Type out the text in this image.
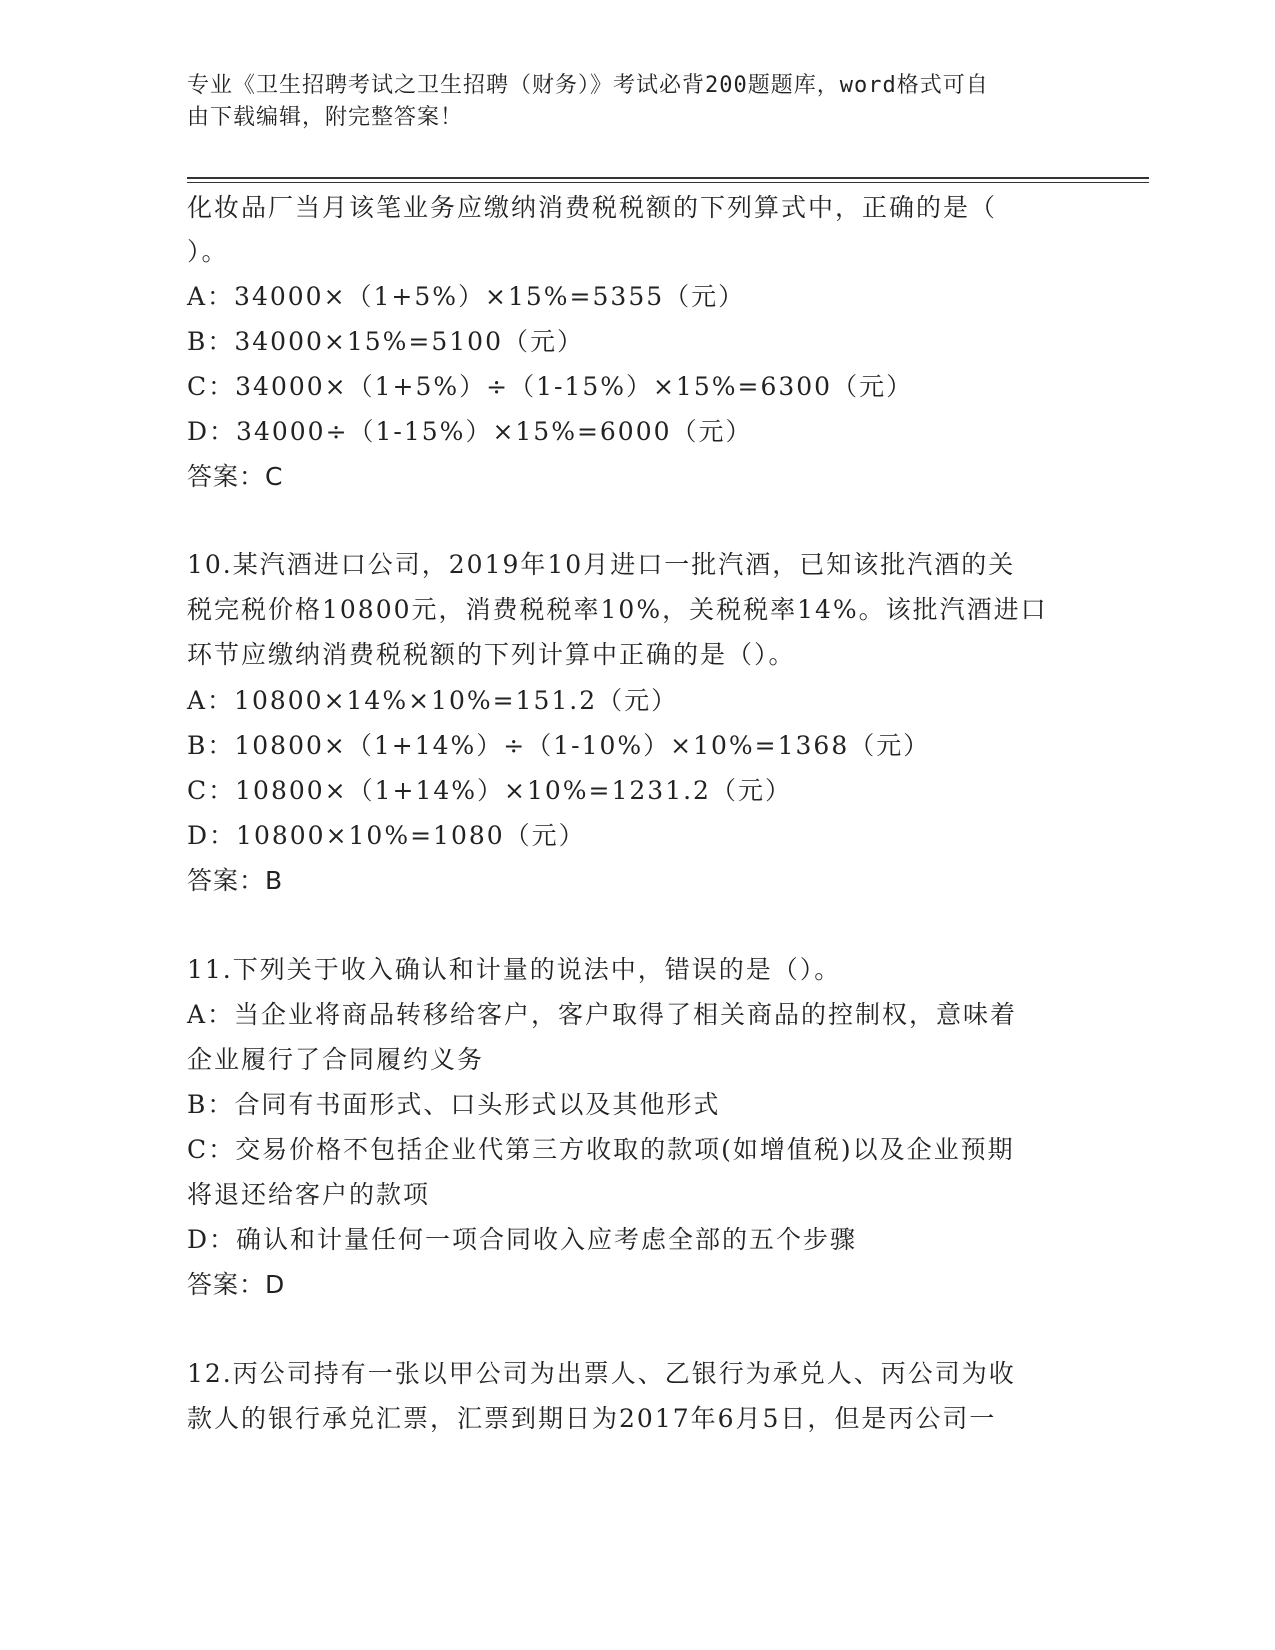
专业《卫生招聘考试之卫生招聘（财务）》考试必背200题题库，word格式可自
由下载编辑，附完整答案！
化妆品厂当月该笔业务应缴纳消费税税额的下列算式中，正确的是（
）。
A：34000×（1+5%）×15%=5355（元）
B：34000×15%=5100（元）
C：34000×（1+5%）÷（1-15%）×15%=6300（元）
D：34000÷（1-15%）×15%=6000（元）
答案：C
10.某汽酒进口公司，2019年10月进口一批汽酒，已知该批汽酒的关
税完税价格10800元，消费税税率10%，关税税率14%。该批汽酒进口
环节应缴纳消费税税额的下列计算中正确的是（）。
A：10800×14%×10%=151.2（元）
B：10800×（1+14%）÷（1-10%）×10%=1368（元）
C：10800×（1+14%）×10%=1231.2（元）
D：10800×10%=1080（元）
答案：B
11.下列关于收入确认和计量的说法中，错误的是（）。
A：当企业将商品转移给客户，客户取得了相关商品的控制权，意味着
企业履行了合同履约义务
B：合同有书面形式、口头形式以及其他形式
C：交易价格不包括企业代第三方收取的款项(如增值税)以及企业预期
将退还给客户的款项
D：确认和计量任何一项合同收入应考虑全部的五个步骤
答案：D
12.丙公司持有一张以甲公司为出票人、乙银行为承兑人、丙公司为收
款人的银行承兑汇票，汇票到期日为2017年6月5日，但是丙公司一
